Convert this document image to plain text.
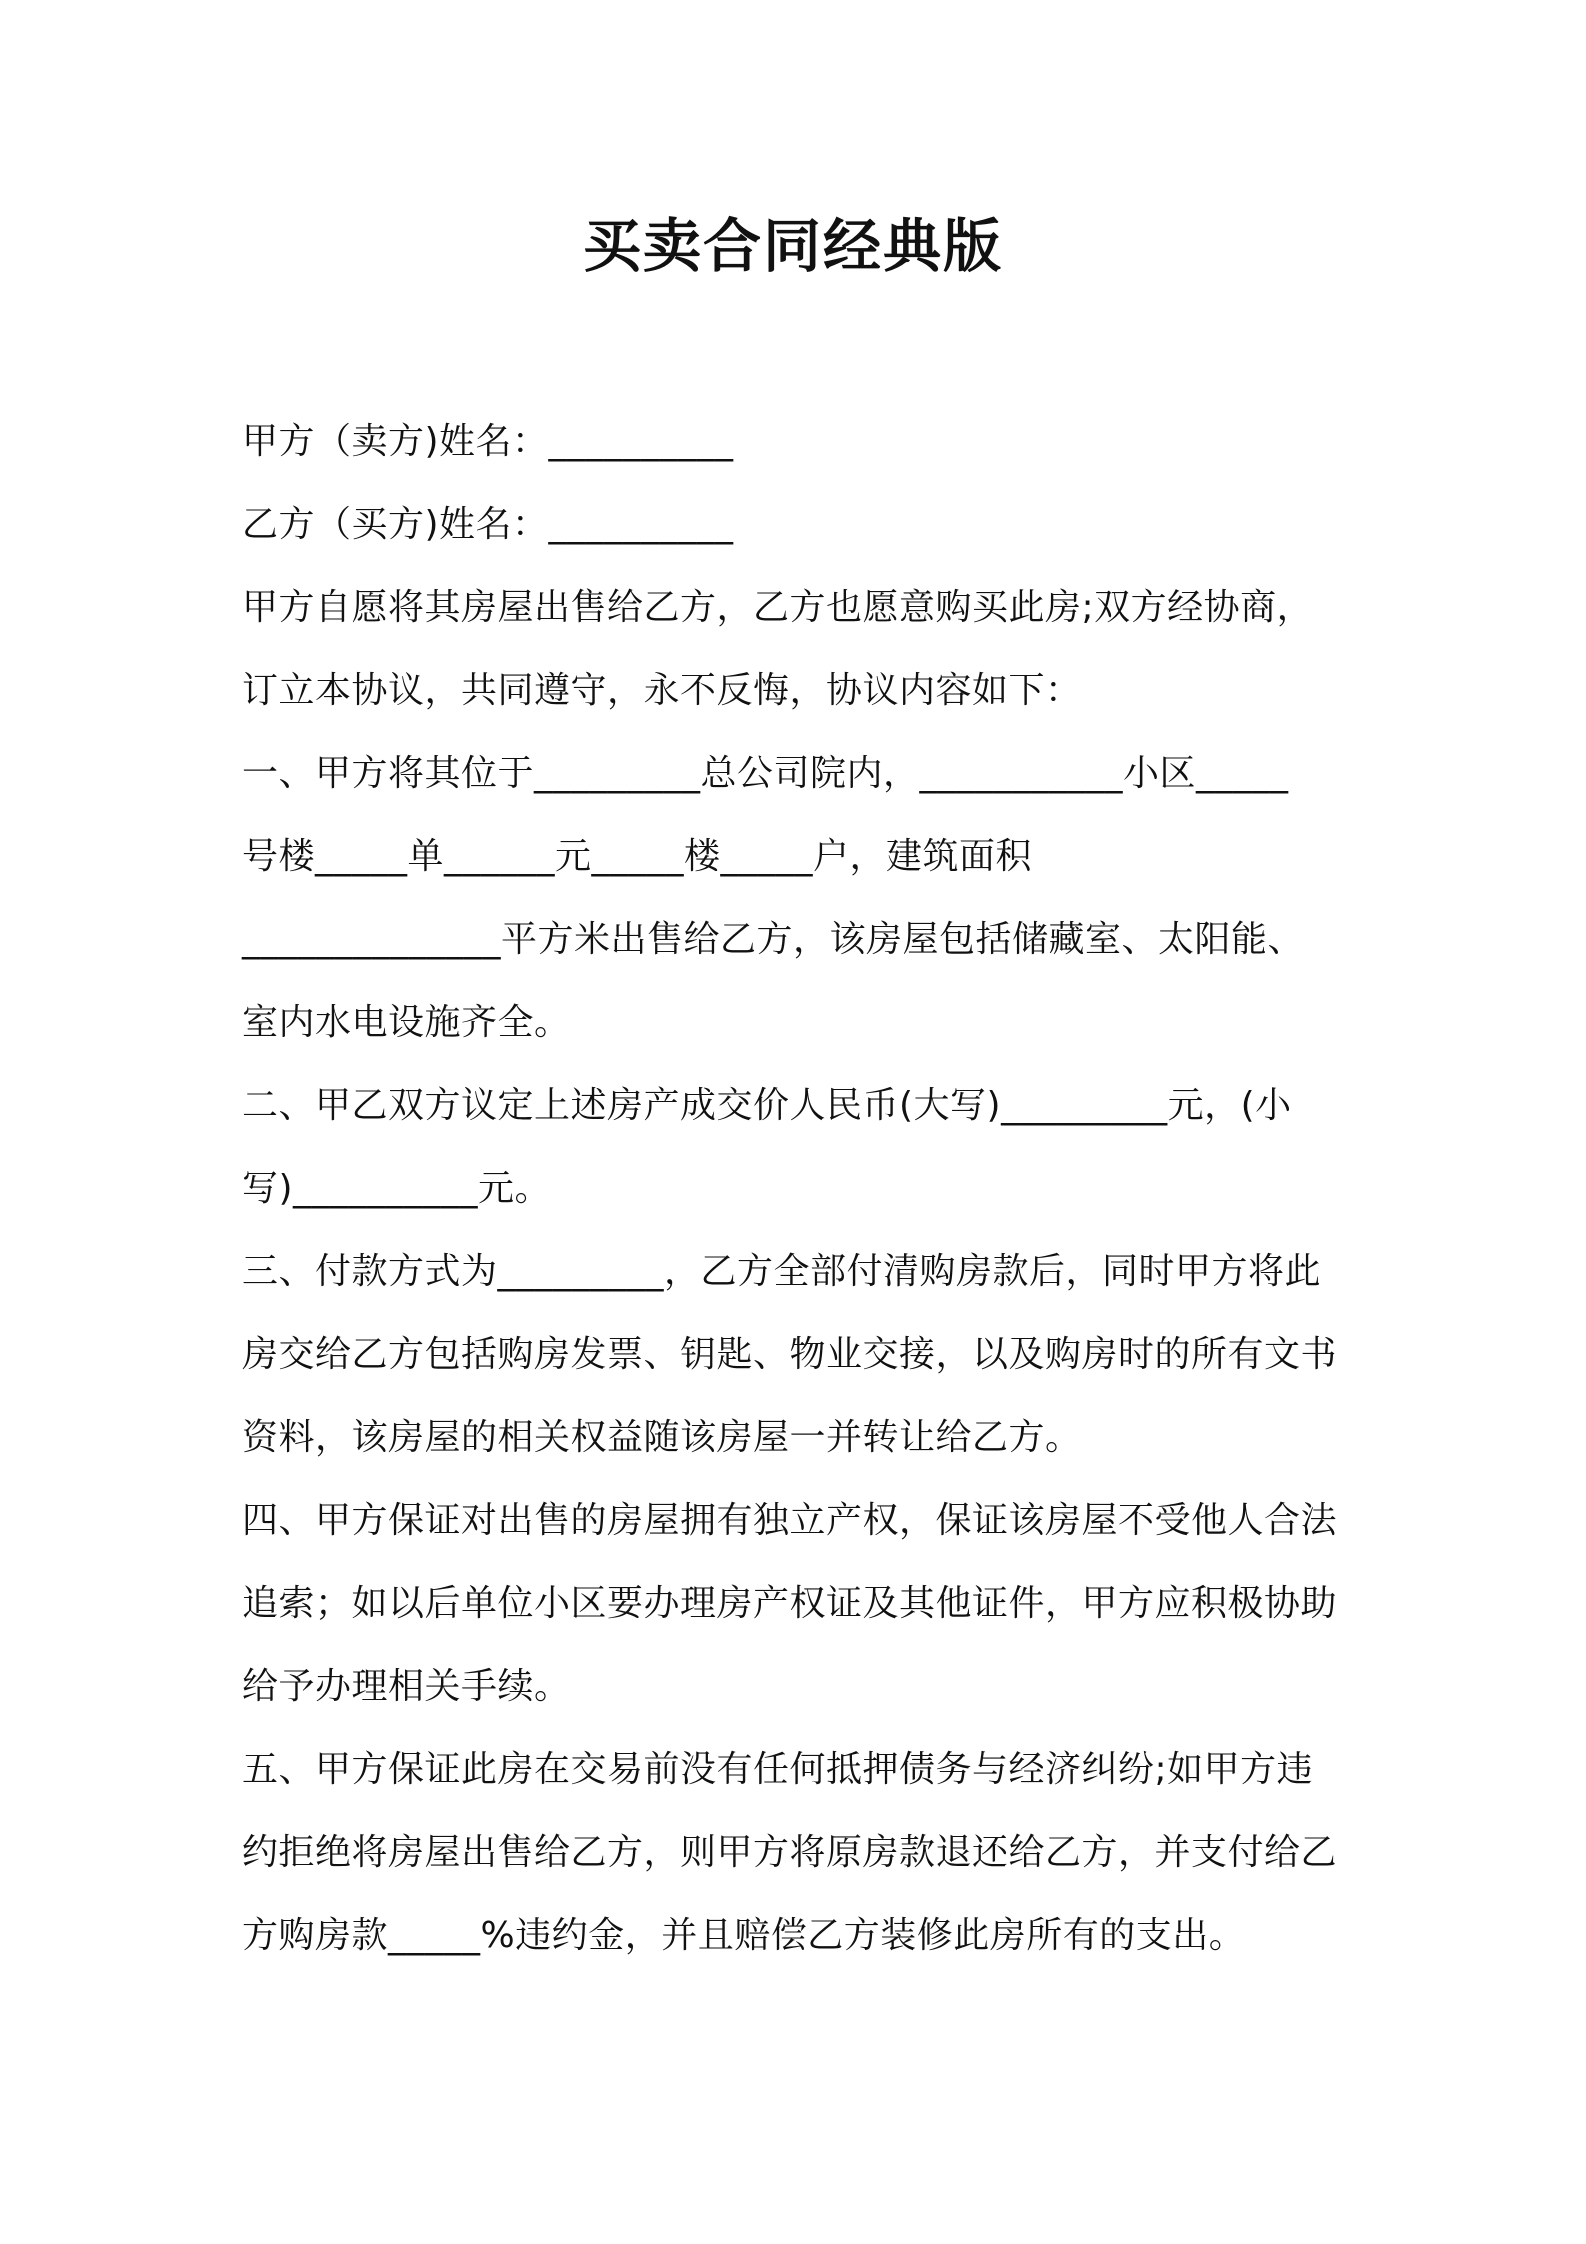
买卖合同经典版
甲方（卖方)姓名：__________
乙方（买方)姓名：__________
甲方自愿将其房屋出售给乙方，乙方也愿意购买此房;双方经协商，
订立本协议，共同遵守，永不反悔，协议内容如下：
一、甲方将其位于_________总公司院内，___________小区_____
号楼_____单______元_____楼_____户，建筑面积
______________平方米出售给乙方，该房屋包括储藏室、太阳能、
室内水电设施齐全。
二、甲乙双方议定上述房产成交价人民币(大写)_________元，(小
写)__________元。
三、付款方式为_________，乙方全部付清购房款后，同时甲方将此
房交给乙方包括购房发票、钥匙、物业交接，以及购房时的所有文书
资料，该房屋的相关权益随该房屋一并转让给乙方。
四、甲方保证对出售的房屋拥有独立产权，保证该房屋不受他人合法
追索；如以后单位小区要办理房产权证及其他证件，甲方应积极协助
给予办理相关手续。
五、甲方保证此房在交易前没有任何抵押债务与经济纠纷;如甲方违
约拒绝将房屋出售给乙方，则甲方将原房款退还给乙方，并支付给乙
方购房款_____%违约金，并且赔偿乙方装修此房所有的支出。
